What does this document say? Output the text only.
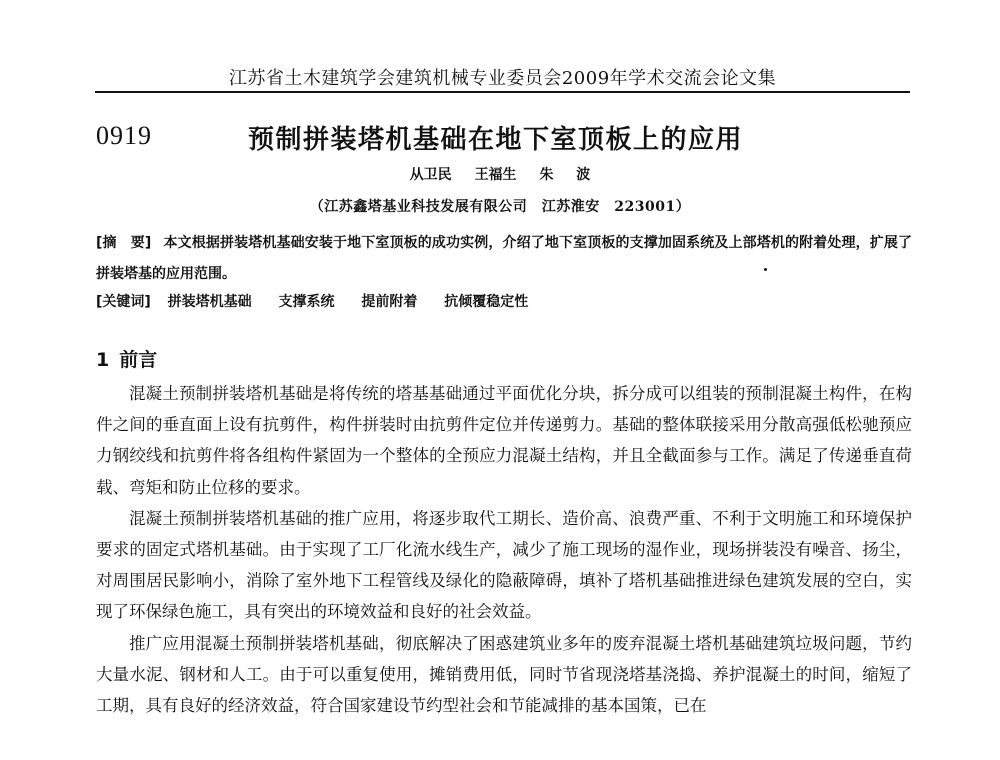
江苏省土木建筑学会建筑机械专业委员会2009年学术交流会论文集
0919	预制拼装塔机基础在地下室顶板上的应用
从卫民 王福生 朱 波
（江苏鑫塔基业科技发展有限公司　江苏淮安　223001）
[摘　要] 本文根据拼装塔机基础安装于地下室顶板的成功实例，介绍了地下室顶板的支撑加固系统及上部塔机的附着处理，扩展了拼装塔基的应用范围。
[关键词] 拼装塔机基础 支撑系统 提前附着 抗倾覆稳定性
1 前言

混凝土预制拼装塔机基础是将传统的塔基基础通过平面优化分块，拆分成可以组装的预制混凝土构件，在构件之间的垂直面上设有抗剪件，构件拼装时由抗剪件定位并传递剪力。基础的整体联接采用分散高强低松驰预应力钢绞线和抗剪件将各组构件紧固为一个整体的全预应力混凝土结构，并且全截面参与工作。满足了传递垂直荷载、弯矩和防止位移的要求。

混凝土预制拼装塔机基础的推广应用，将逐步取代工期长、造价高、浪费严重、不利于文明施工和环境保护要求的固定式塔机基础。由于实现了工厂化流水线生产，减少了施工现场的湿作业，现场拼装没有噪音、扬尘，对周围居民影响小，消除了室外地下工程管线及绿化的隐蔽障碍，填补了塔机基础推进绿色建筑发展的空白，实现了环保绿色施工，具有突出的环境效益和良好的社会效益。

推广应用混凝土预制拼装塔机基础，彻底解决了困惑建筑业多年的废弃混凝土塔机基础建筑垃圾问题，节约大量水泥、钢材和人工。由于可以重复使用，摊销费用低，同时节省现浇塔基浇捣、养护混凝土的时间，缩短了工期，具有良好的经济效益，符合国家建设节约型社会和节能减排的基本国策，已在
